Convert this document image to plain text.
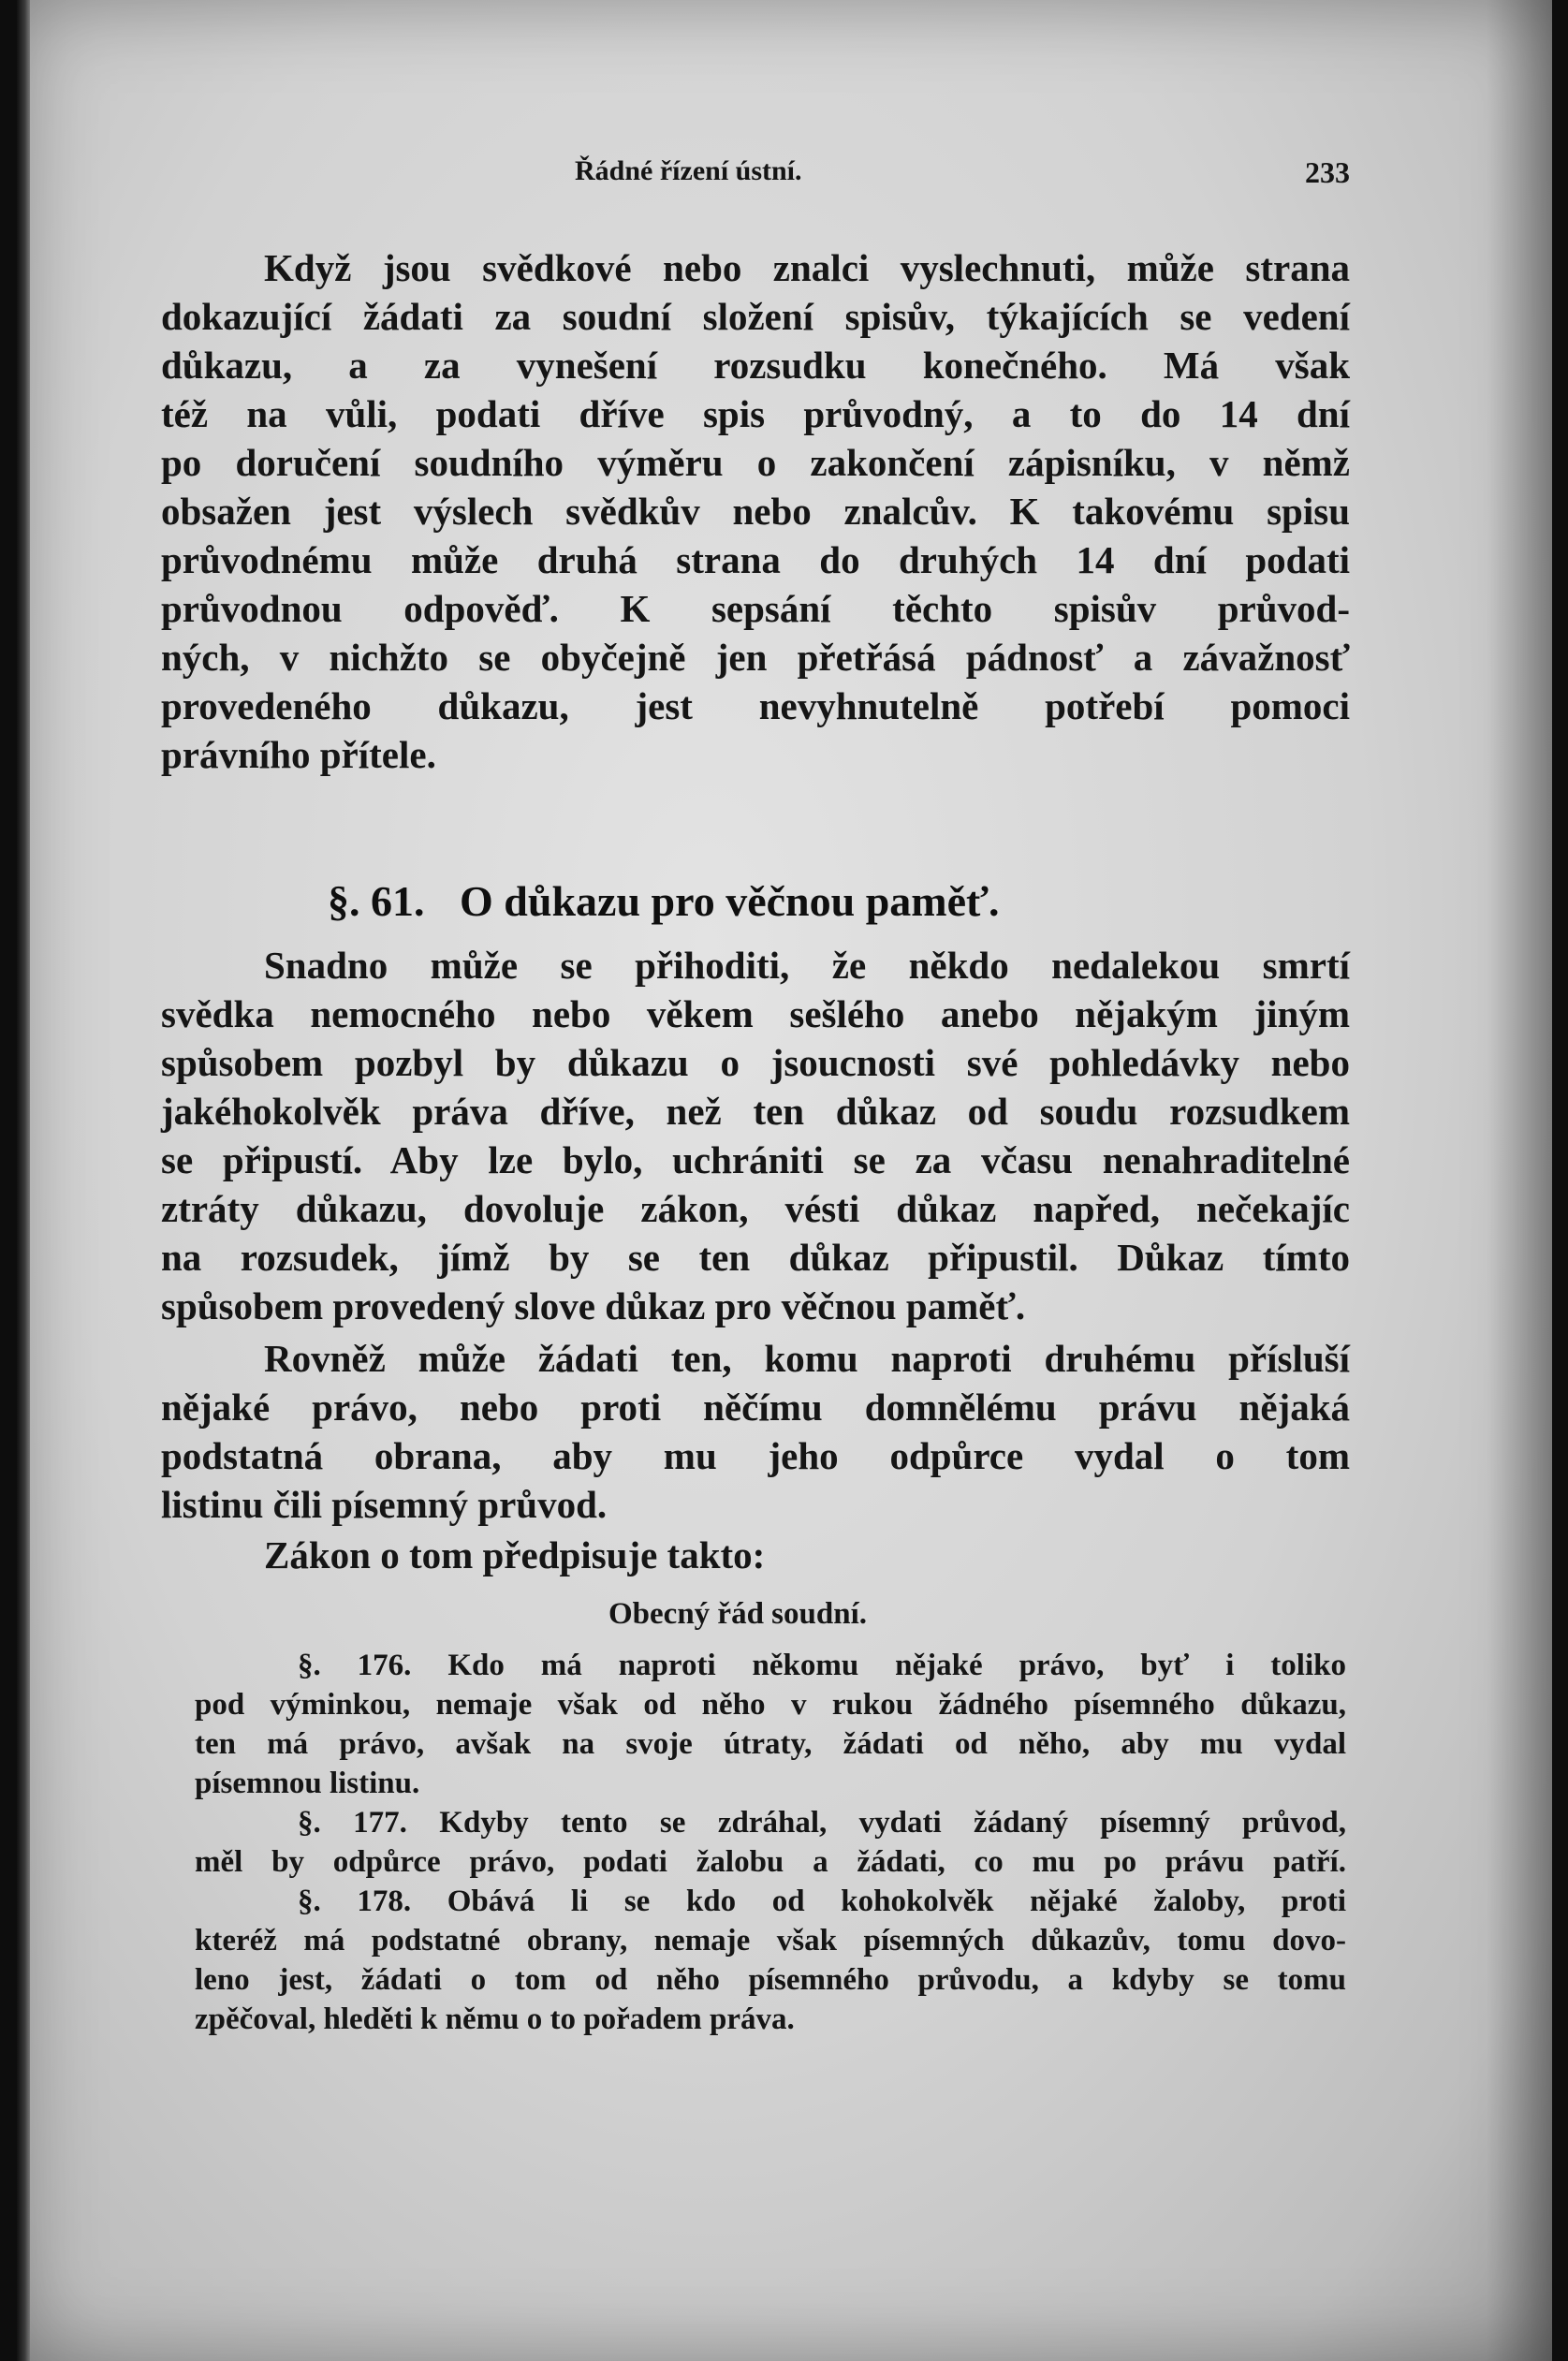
Řádné řízení ústní.	233
Když jsou svědkové nebo znalci vyslechnuti, může strana
dokazující žádati za soudní složení spisův, týkajících se vedení
důkazu, a za vynešení rozsudku konečného. Má však
též na vůli, podati dříve spis průvodný, a to do 14 dní
po doručení soudního výměru o zakončení zápisníku, v němž
obsažen jest výslech svědkův nebo znalcův. K takovému spisu
průvodnému může druhá strana do druhých 14 dní podati
průvodnou odpověď. K sepsání těchto spisův průvod-
ných, v nichžto se obyčejně jen přetřásá pádnosť a závažnosť
provedeného důkazu, jest nevyhnutelně potřebí pomoci
právního přítele.
§. 61. O důkazu pro věčnou paměť.
Snadno může se přihoditi, že někdo nedalekou smrtí
svědka nemocného nebo věkem sešlého anebo nějakým jiným
spůsobem pozbyl by důkazu o jsoucnosti své pohledávky nebo
jakéhokolvěk práva dříve, než ten důkaz od soudu rozsudkem
se připustí. Aby lze bylo, uchrániti se za včasu nenahraditelné
ztráty důkazu, dovoluje zákon, vésti důkaz napřed, nečekajíc
na rozsudek, jímž by se ten důkaz připustil. Důkaz tímto
spůsobem provedený slove důkaz pro věčnou paměť.
Rovněž může žádati ten, komu naproti druhému přísluší
nějaké právo, nebo proti něčímu domnělému právu nějaká
podstatná obrana, aby mu jeho odpůrce vydal o tom
listinu čili písemný průvod.
Zákon o tom předpisuje takto:
Obecný řád soudní.
§. 176. Kdo má naproti někomu nějaké právo, byť i toliko
pod výminkou, nemaje však od něho v rukou žádného písemného důkazu,
ten má právo, avšak na svoje útraty, žádati od něho, aby mu vydal
písemnou listinu.
§. 177. Kdyby tento se zdráhal, vydati žádaný písemný průvod,
měl by odpůrce právo, podati žalobu a žádati, co mu po právu patří.
§. 178. Obává li se kdo od kohokolvěk nějaké žaloby, proti
kteréž má podstatné obrany, nemaje však písemných důkazův, tomu dovo-
leno jest, žádati o tom od něho písemného průvodu, a kdyby se tomu
zpěčoval, hleděti k němu o to pořadem práva.
